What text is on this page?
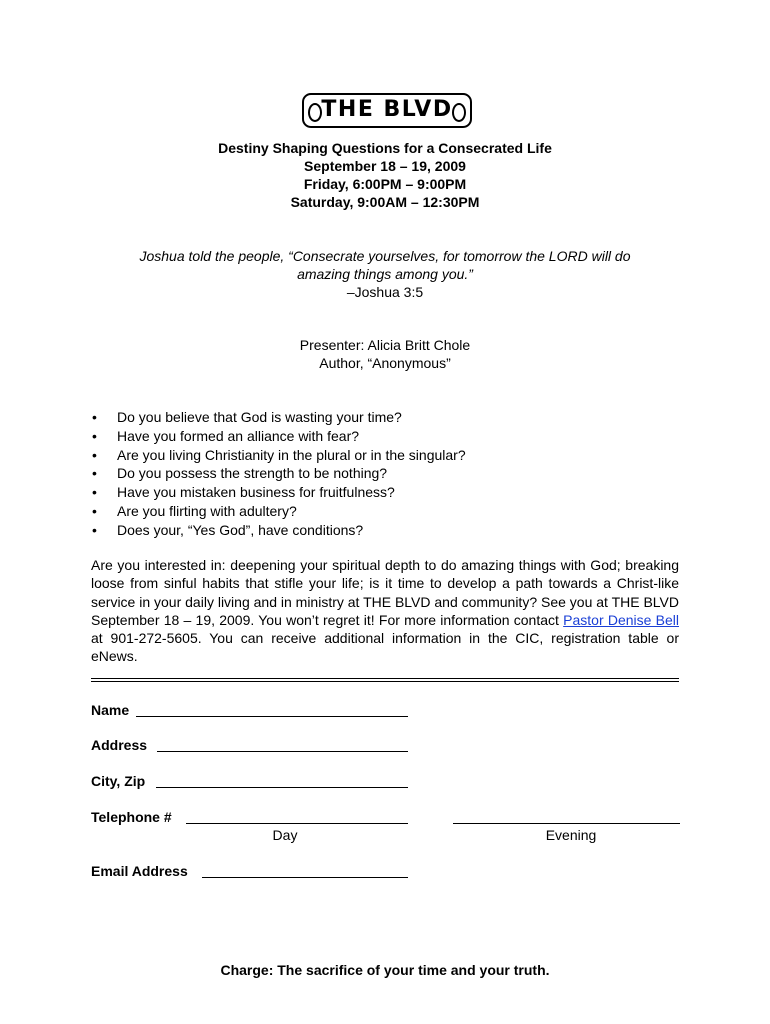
THE BLVD
Destiny Shaping Questions for a Consecrated Life
September 18 – 19, 2009
Friday, 6:00PM – 9:00PM
Saturday, 9:00AM – 12:30PM
Joshua told the people, “Consecrate yourselves, for tomorrow the LORD will do
amazing things among you.”
–Joshua 3:5
Presenter: Alicia Britt Chole
Author, “Anonymous”
• Do you believe that God is wasting your time?
• Have you formed an alliance with fear?
• Are you living Christianity in the plural or in the singular?
• Do you possess the strength to be nothing?
• Have you mistaken business for fruitfulness?
• Are you flirting with adultery?
• Does your, “Yes God”, have conditions?
Are you interested in: deepening your spiritual depth to do amazing things with God; breaking loose from sinful habits that stifle your life; is it time to develop a path towards a Christ-like service in your daily living and in ministry at THE BLVD and community? See you at THE BLVD September 18 – 19, 2009. You won’t regret it! For more information contact Pastor Denise Bell at 901-272-5605. You can receive additional information in the CIC, registration table or eNews.
Name
Address
City, Zip
Telephone #
Day	Evening
Email Address
Charge: The sacrifice of your time and your truth.
